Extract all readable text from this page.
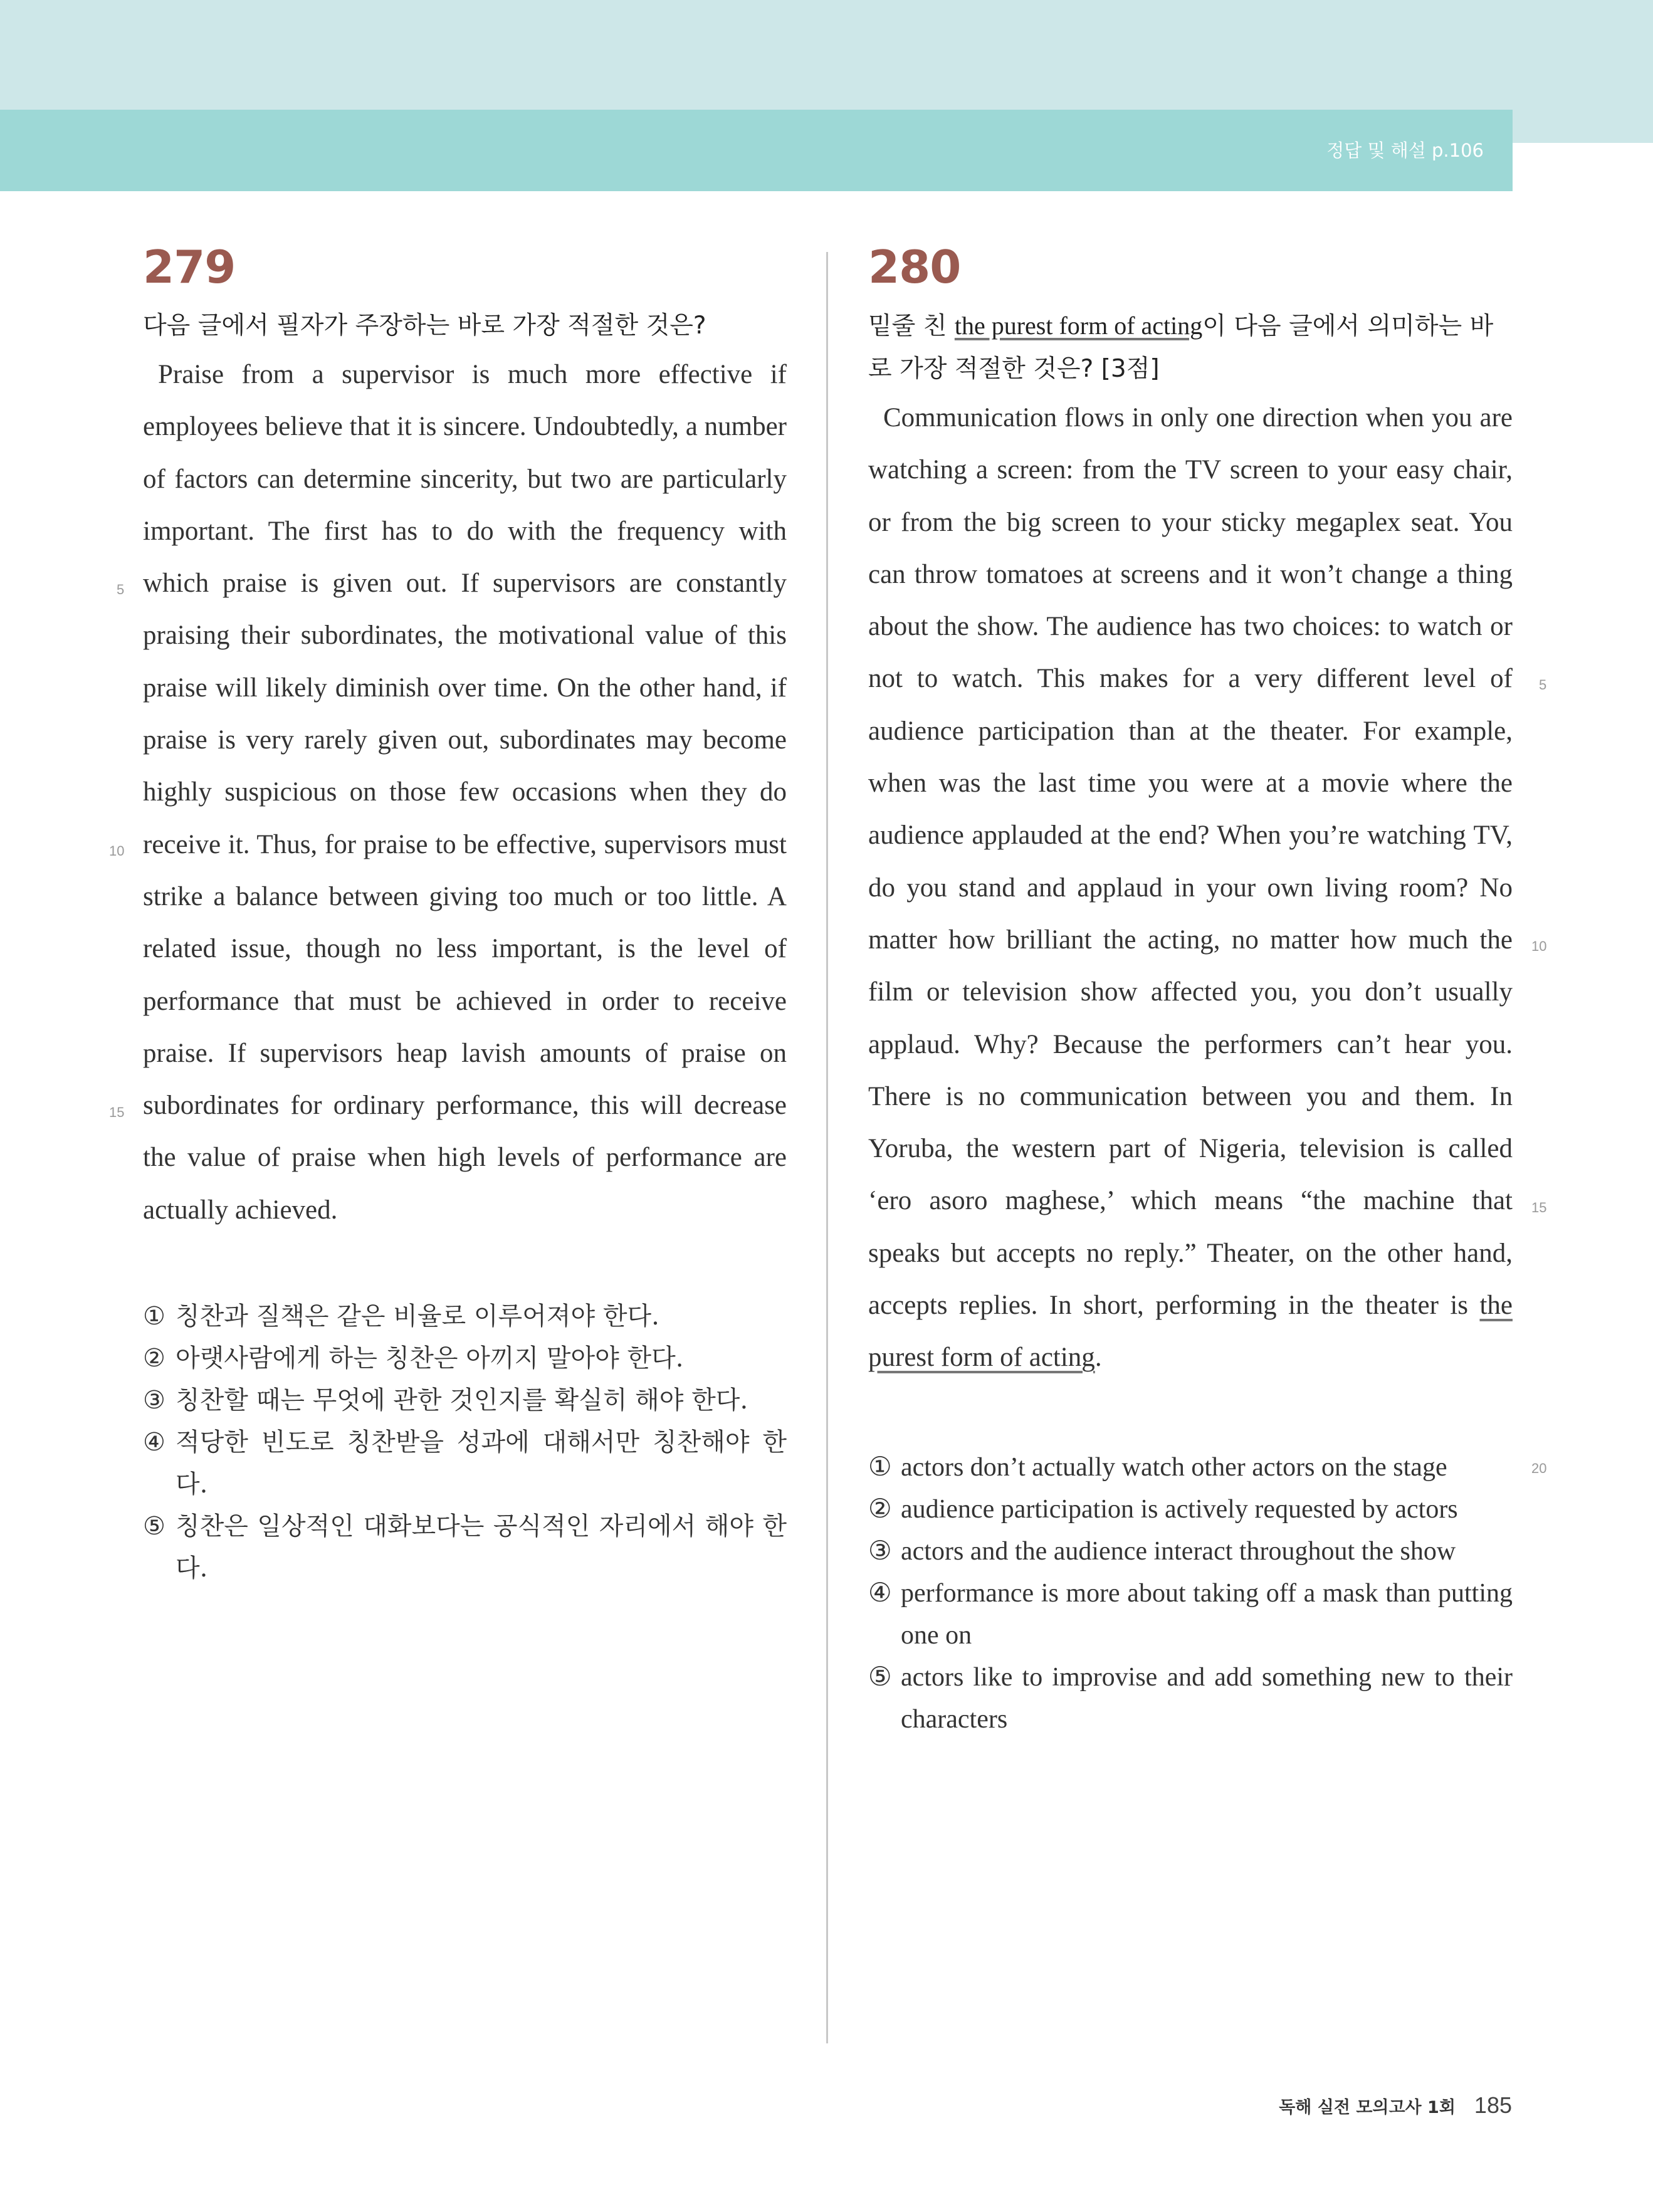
정답 및 해설 p.106
279
다음 글에서 필자가 주장하는 바로 가장 적절한 것은?
Praise from a supervisor is much more effective if employees believe that it is sincere. Undoubtedly, a number of factors can determine sincerity, but two are particularly important. The first has to do with the frequency with which praise is given out. If supervisors are constantly praising their subordinates, the motivational value of this praise will likely diminish over time. On the other hand, if praise is very rarely given out, subordinates may become highly suspicious on those few occasions when they do receive it. Thus, for praise to be effective, supervisors must strike a balance between giving too much or too little. A related issue, though no less important, is the level of performance that must be achieved in order to receive praise. If supervisors heap lavish amounts of praise on subordinates for ordinary performance, this will decrease the value of praise when high levels of performance are actually achieved.
5
10
15
① 칭찬과 질책은 같은 비율로 이루어져야 한다.
② 아랫사람에게 하는 칭찬은 아끼지 말아야 한다.
③ 칭찬할 때는 무엇에 관한 것인지를 확실히 해야 한다.
④ 적당한 빈도로 칭찬받을 성과에 대해서만 칭찬해야 한다.
⑤ 칭찬은 일상적인 대화보다는 공식적인 자리에서 해야 한다.
280
밑줄 친 the purest form of acting이 다음 글에서 의미하는 바로 가장 적절한 것은? [3점]
Communication flows in only one direction when you are watching a screen: from the TV screen to your easy chair, or from the big screen to your sticky megaplex seat. You can throw tomatoes at screens and it won’t change a thing about the show. The audience has two choices: to watch or not to watch. This makes for a very different level of audience participation than at the theater. For example, when was the last time you were at a movie where the audience applauded at the end? When you’re watching TV, do you stand and applaud in your own living room? No matter how brilliant the acting, no matter how much the film or television show affected you, you don’t usually applaud. Why? Because the performers can’t hear you. There is no communication between you and them. In Yoruba, the western part of Nigeria, television is called ‘ero asoro maghese,’ which means “the machine that speaks but accepts no reply.” Theater, on the other hand, accepts replies. In short, performing in the theater is the purest form of acting.
5
10
15
20
① actors don’t actually watch other actors on the stage
② audience participation is actively requested by actors
③ actors and the audience interact throughout the show
④ performance is more about taking off a mask than putting one on
⑤ actors like to improvise and add something new to their characters
독해 실전 모의고사 1회 185
